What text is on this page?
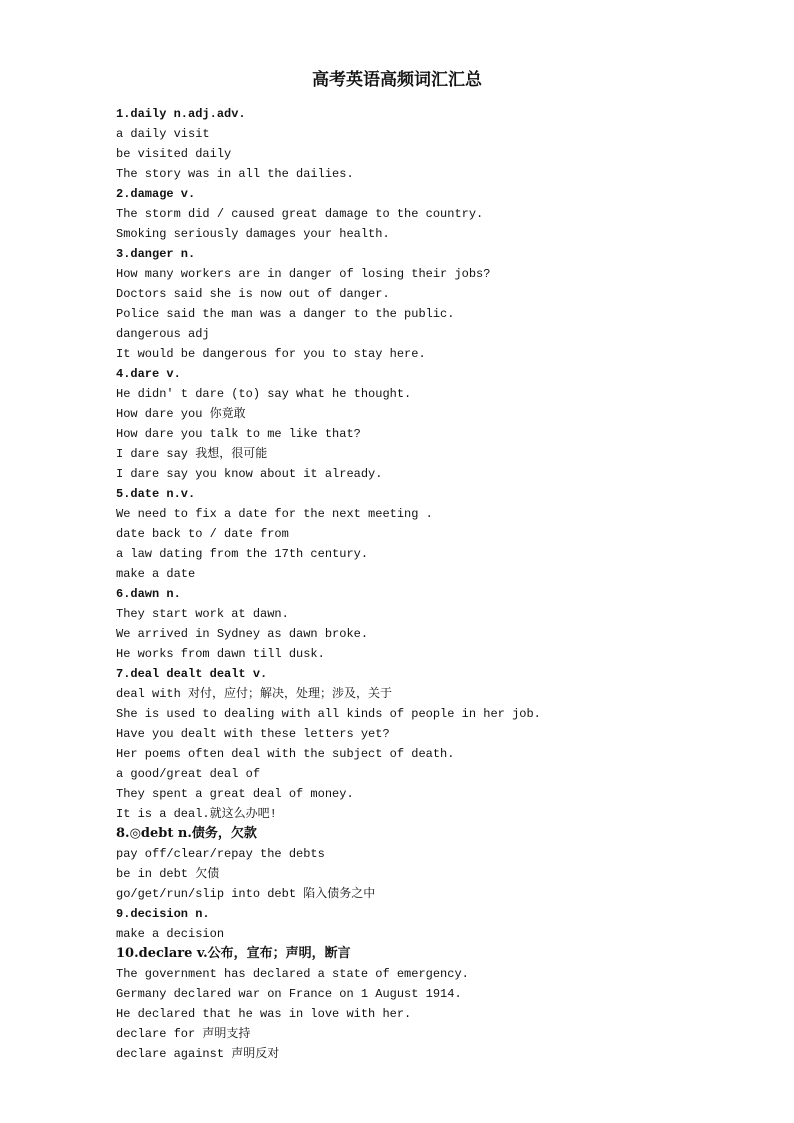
高考英语高频词汇汇总
1.daily n.adj.adv.
a daily visit
be visited daily
The story was in all the dailies.
2.damage v.
The storm did / caused great damage to the country.
Smoking seriously damages your health.
3.danger n.
How many workers are in danger of losing their jobs?
Doctors said she is now out of danger.
Police said the man was a danger to the public.
dangerous adj
It would be dangerous for you to stay here.
4.dare v.
He didn' t dare (to) say what he thought.
How dare you 你竟敢
How dare you talk to me like that?
I dare say 我想，很可能
I dare say you know about it already.
5.date n.v.
We need to fix a date for the next meeting .
date back to / date from
a law dating from the 17th century.
make a date
6.dawn n.
They start work at dawn.
We arrived in Sydney as dawn broke.
He works from dawn till dusk.
7.deal dealt dealt v.
deal with 对付，应付；解决，处理；涉及，关于
She is used to dealing with all kinds of people in her job.
Have you dealt with these letters yet?
Her poems often deal with the subject of death.
a good/great deal of
They spent a great deal of money.
It is a deal.就这么办吧!
8.◎debt n.债务，欠款
pay off/clear/repay the debts
be in debt 欠债
go/get/run/slip into debt 陷入债务之中
9.decision n.
make a decision
10.declare v.公布，宣布；声明，断言
The government has declared a state of emergency.
Germany declared war on France on 1 August 1914.
He declared that he was in love with her.
declare for 声明支持
declare against 声明反对
